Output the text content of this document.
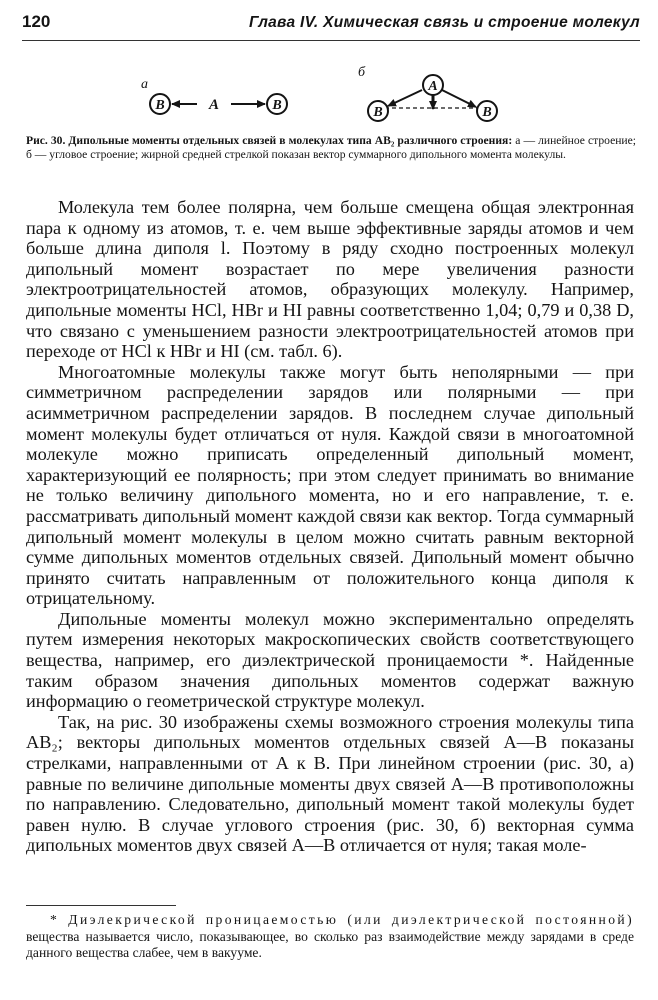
120	Глава IV. Химическая связь и строение молекул
а
б
B	A	B
A
B	B
Рис. 30. Дипольные моменты отдельных связей в молекулах типа AB₂ различного строения: а — линейное строение; б — угловое строение; жирной средней стрелкой показан вектор суммарного дипольного момента молекулы.

Молекула тем более полярна, чем больше смещена общая электронная пара к одному из атомов, т. е. чем выше эффективные заряды атомов и чем больше длина диполя l. Поэтому в ряду сходно построенных молекул дипольный момент возрастает по мере увеличения разности электроотрицательностей атомов, образующих молекулу. Например, дипольные моменты HCl, HBr и HI равны соответственно 1,04; 0,79 и 0,38 D, что связано с уменьшением разности электроотрицательностей атомов при переходе от HCl к HBr и HI (см. табл. 6).

Многоатомные молекулы также могут быть неполярными — при симметричном распределении зарядов или полярными — при асимметричном распределении зарядов. В последнем случае дипольный момент молекулы будет отличаться от нуля. Каждой связи в многоатомной молекуле можно приписать определенный дипольный момент, характеризующий ее полярность; при этом следует принимать во внимание не только величину дипольного момента, но и его направление, т. е. рассматривать дипольный момент каждой связи как вектор. Тогда суммарный дипольный момент молекулы в целом можно считать равным векторной сумме дипольных моментов отдельных связей. Дипольный момент обычно принято считать направленным от положительного конца диполя к отрицательному.

Дипольные моменты молекул можно экспериментально определять путем измерения некоторых макроскопических свойств соответствующего вещества, например, его диэлектрической проницаемости *. Найденные таким образом значения дипольных моментов содержат важную информацию о геометрической структуре молекул.

Так, на рис. 30 изображены схемы возможного строения молекулы типа AB₂; векторы дипольных моментов отдельных связей А—В показаны стрелками, направленными от А к В. При линейном строении (рис. 30, а) равные по величине дипольные моменты двух связей А—В противоположны по направлению. Следовательно, дипольный момент такой молекулы будет равен нулю. В случае углового строения (рис. 30, б) векторная сумма дипольных моментов двух связей А—В отличается от нуля; такая моле-

* Диэлекрической проницаемостью (или диэлектрической постоянной) вещества называется число, показывающее, во сколько раз взаимодействие между зарядами в среде данного вещества слабее, чем в вакууме.
